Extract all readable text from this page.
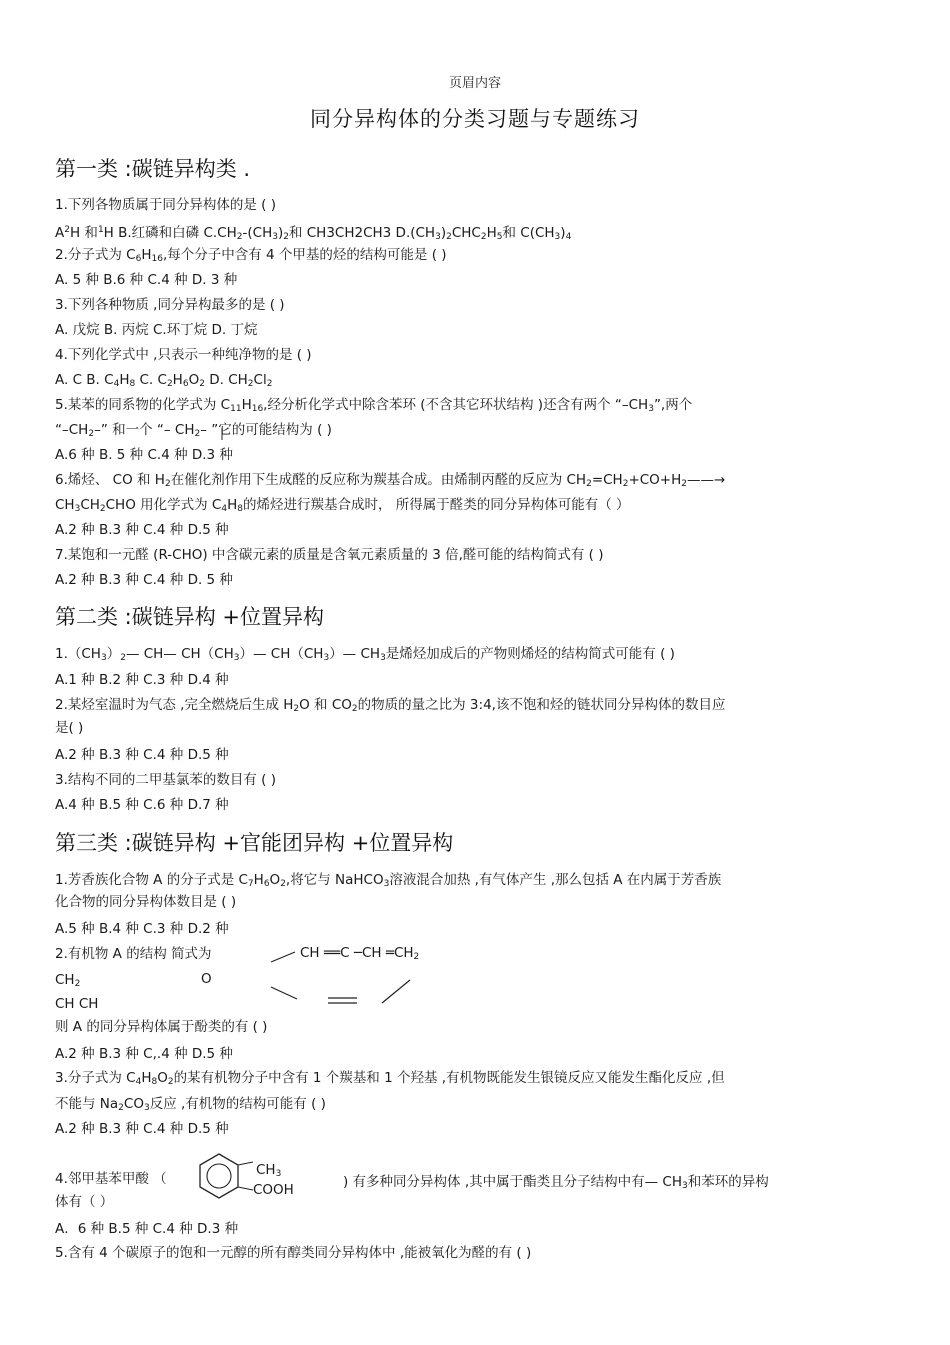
页眉内容
同分异构体的分类习题与专题练习
第一类 :碳链异构类 .
1.下列各物质属于同分异构体的是 ( )
$A^2H$ 和$^1$H B.红磷和白磷 $C.CH_2-(CH_3)_2$和 CH3CH2CH3 $D.(CH_3)_2CHC_2H_5$和 $C(CH_3)_4$
2.分子式为 $C_6H_{16}$,每个分子中含有 4 个甲基的烃的结构可能是 ( )
A. 5 种 B.6 种 C.4 种 D. 3 种
3.下列各种物质 ,同分异构最多的是 ( )
A. 戊烷 B. 丙烷 C.环丁烷 D. 丁烷
4.下列化学式中 ,只表示一种纯净物的是 ( )
A. C B. $C_4H_8$ C. $C_2H_6O_2$ D. $CH_2Cl_2$
5.某苯的同系物的化学式为 $C_{11}H_{16}$,经分析化学式中除含苯环 (不含其它环状结构 )还含有两个 “$-CH_3$”,两个
“$-CH_2-$” 和一个 “– $CH_2-$ ”它的可能结构为 ( )
A.6 种 B. 5 种 C.4 种 D.3 种
6.烯烃、 CO 和 $H_2$在催化剂作用下生成醛的反应称为羰基合成。由烯制丙醛的反应为 $CH_2=CH_2+CO+H_2——\to$
$CH_3CH_2CHO$ 用化学式为 $C_4H_8$的烯烃进行羰基合成时， 所得属于醛类的同分异构体可能有（ ）
A.2 种 B.3 种 C.4 种 D.5 种
7.某饱和一元醛 (R-CHO) 中含碳元素的质量是含氧元素质量的 3 倍,醛可能的结构简式有 ( )
A.2 种 B.3 种 C.4 种 D. 5 种
第二类 :碳链异构 +位置异构
$1.(CH_3)_2—$ CH— $CH(CH_3)—$ $CH(CH_3)—$ $CH_3$是烯烃加成后的产物则烯烃的结构简式可能有 ( )
A.1 种 B.2 种 C.3 种 D.4 种
2.某烃室温时为气态 ,完全燃烧后生成 $H_2O$ 和 $CO_2$的物质的量之比为 3:4,该不饱和烃的链状同分异构体的数目应
是( )
A.2 种 B.3 种 C.4 种 D.5 种
3.结构不同的二甲基氯苯的数目有 ( )
A.4 种 B.5 种 C.6 种 D.7 种
第三类 :碳链异构 +官能团异构 +位置异构
1.芳香族化合物 A 的分子式是 $C_7H_6O_2$,将它与 NaHCO$_3$溶液混合加热 ,有气体产生 ,那么包括 A 在内属于芳香族
化合物的同分异构体数目是 ( )
A.5 种 B.4 种 C.3 种 D.2 种
2.有机物 A 的结构 简式为	CH ══C ─CH $═CH_2$
$CH_2$	O
CH CH
则 A 的同分异构体属于酚类的有 ( )
A.2 种 B.3 种 C,.4 种 D.5 种
3.分子式为 $C_4H_8O_2$的某有机物分子中含有 1 个羰基和 1 个羟基 ,有机物既能发生银镜反应又能发生酯化反应 ,但
不能与 $Na_2CO_3$反应 ,有机物的结构可能有 ( )
A.2 种 B.3 种 C.4 种 D.5 种
4.邻甲基苯甲酸 （
$CH_3$
COOH	) 有多种同分异构体 ,其中属于酯类且分子结构中有— $CH_3$和苯环的异构
体有（ ）
A．6 种 B.5 种 C.4 种 D.3 种
5.含有 4 个碳原子的饱和一元醇的所有醇类同分异构体中 ,能被氧化为醛的有 ( )
